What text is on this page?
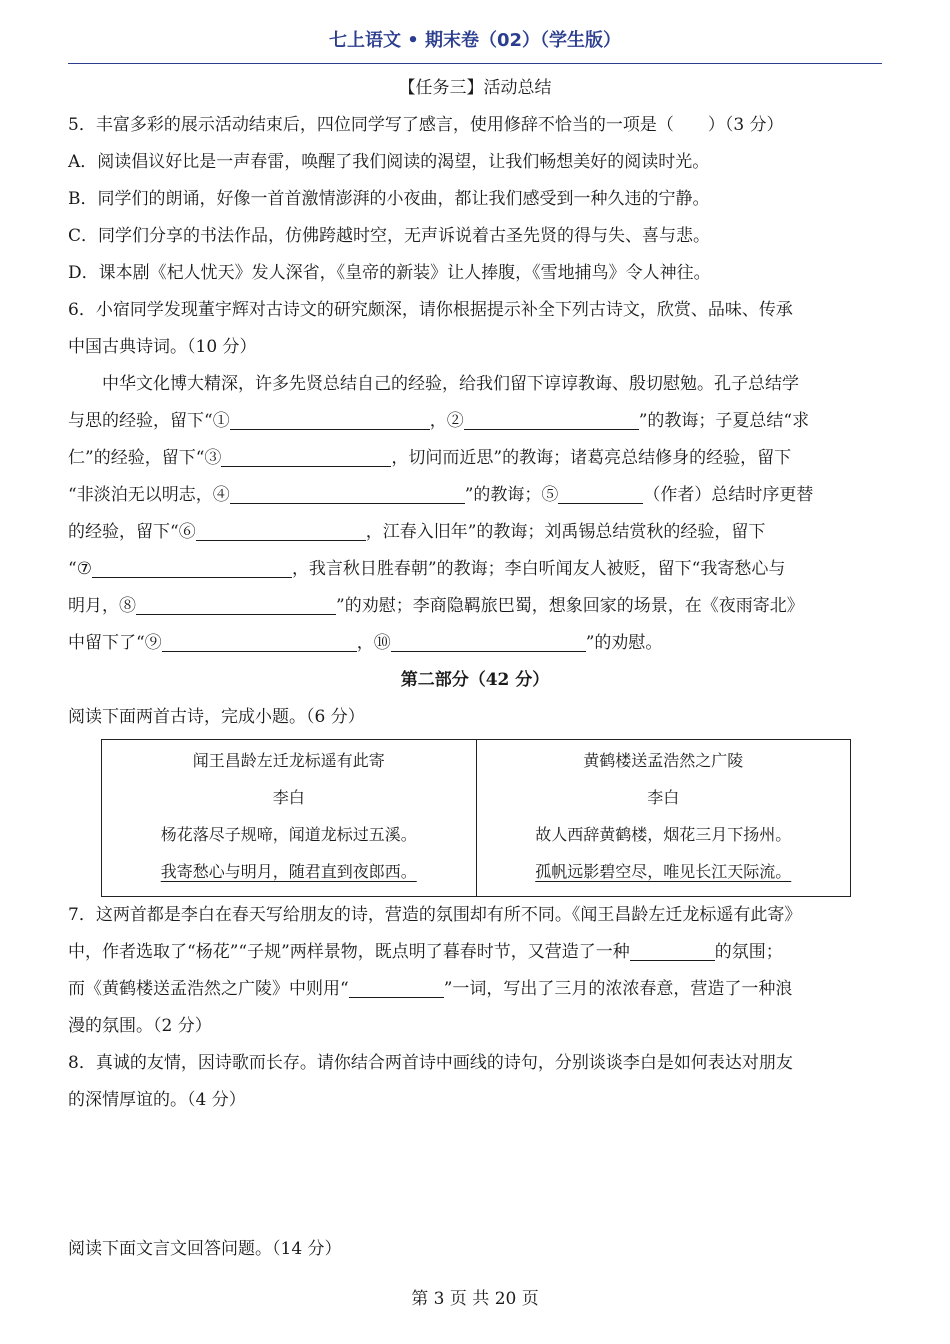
七上语文 • 期末卷（02）（学生版）
【任务三】活动总结
5．丰富多彩的展示活动结束后，四位同学写了感言，使用修辞不恰当的一项是（　　）（3 分）
A．阅读倡议好比是一声春雷，唤醒了我们阅读的渴望，让我们畅想美好的阅读时光。
B．同学们的朗诵，好像一首首激情澎湃的小夜曲，都让我们感受到一种久违的宁静。
C．同学们分享的书法作品，仿佛跨越时空，无声诉说着古圣先贤的得与失、喜与悲。
D．课本剧《杞人忧天》发人深省，《皇帝的新装》让人捧腹，《雪地捕鸟》令人神往。
6．小宿同学发现董宇辉对古诗文的研究颇深，请你根据提示补全下列古诗文，欣赏、品味、传承
中国古典诗词。（10 分）
　　中华文化博大精深，许多先贤总结自己的经验，给我们留下谆谆教诲、殷切慰勉。孔子总结学
与思的经验，留下“①	，②	”的教诲；子夏总结“求
仁”的经验，留下“③	，切问而近思”的教诲；诸葛亮总结修身的经验，留下
“非淡泊无以明志，④	”的教诲；⑤	（作者）总结时序更替
的经验，留下“⑥	，江春入旧年”的教诲；刘禹锡总结赏秋的经验，留下
“⑦	，我言秋日胜春朝”的教诲；李白听闻友人被贬，留下“我寄愁心与
明月，⑧	”的劝慰；李商隐羁旅巴蜀，想象回家的场景，在《夜雨寄北》
中留下了“⑨	，⑩	”的劝慰。
第二部分（42 分）
阅读下面两首古诗，完成小题。（6 分）
闻王昌龄左迁龙标遥有此寄
李白
杨花落尽子规啼，闻道龙标过五溪。
我寄愁心与明月，随君直到夜郎西。

黄鹤楼送孟浩然之广陵
李白
故人西辞黄鹤楼，烟花三月下扬州。
孤帆远影碧空尽，唯见长江天际流。
7．这两首都是李白在春天写给朋友的诗，营造的氛围却有所不同。《闻王昌龄左迁龙标遥有此寄》
中，作者选取了“杨花”“子规”两样景物，既点明了暮春时节，又营造了一种	的氛围；
而《黄鹤楼送孟浩然之广陵》中则用“	”一词，写出了三月的浓浓春意，营造了一种浪
漫的氛围。（2 分）
8．真诚的友情，因诗歌而长存。请你结合两首诗中画线的诗句，分别谈谈李白是如何表达对朋友
的深情厚谊的。（4 分）
阅读下面文言文回答问题。（14 分）
第 3 页 共 20 页
